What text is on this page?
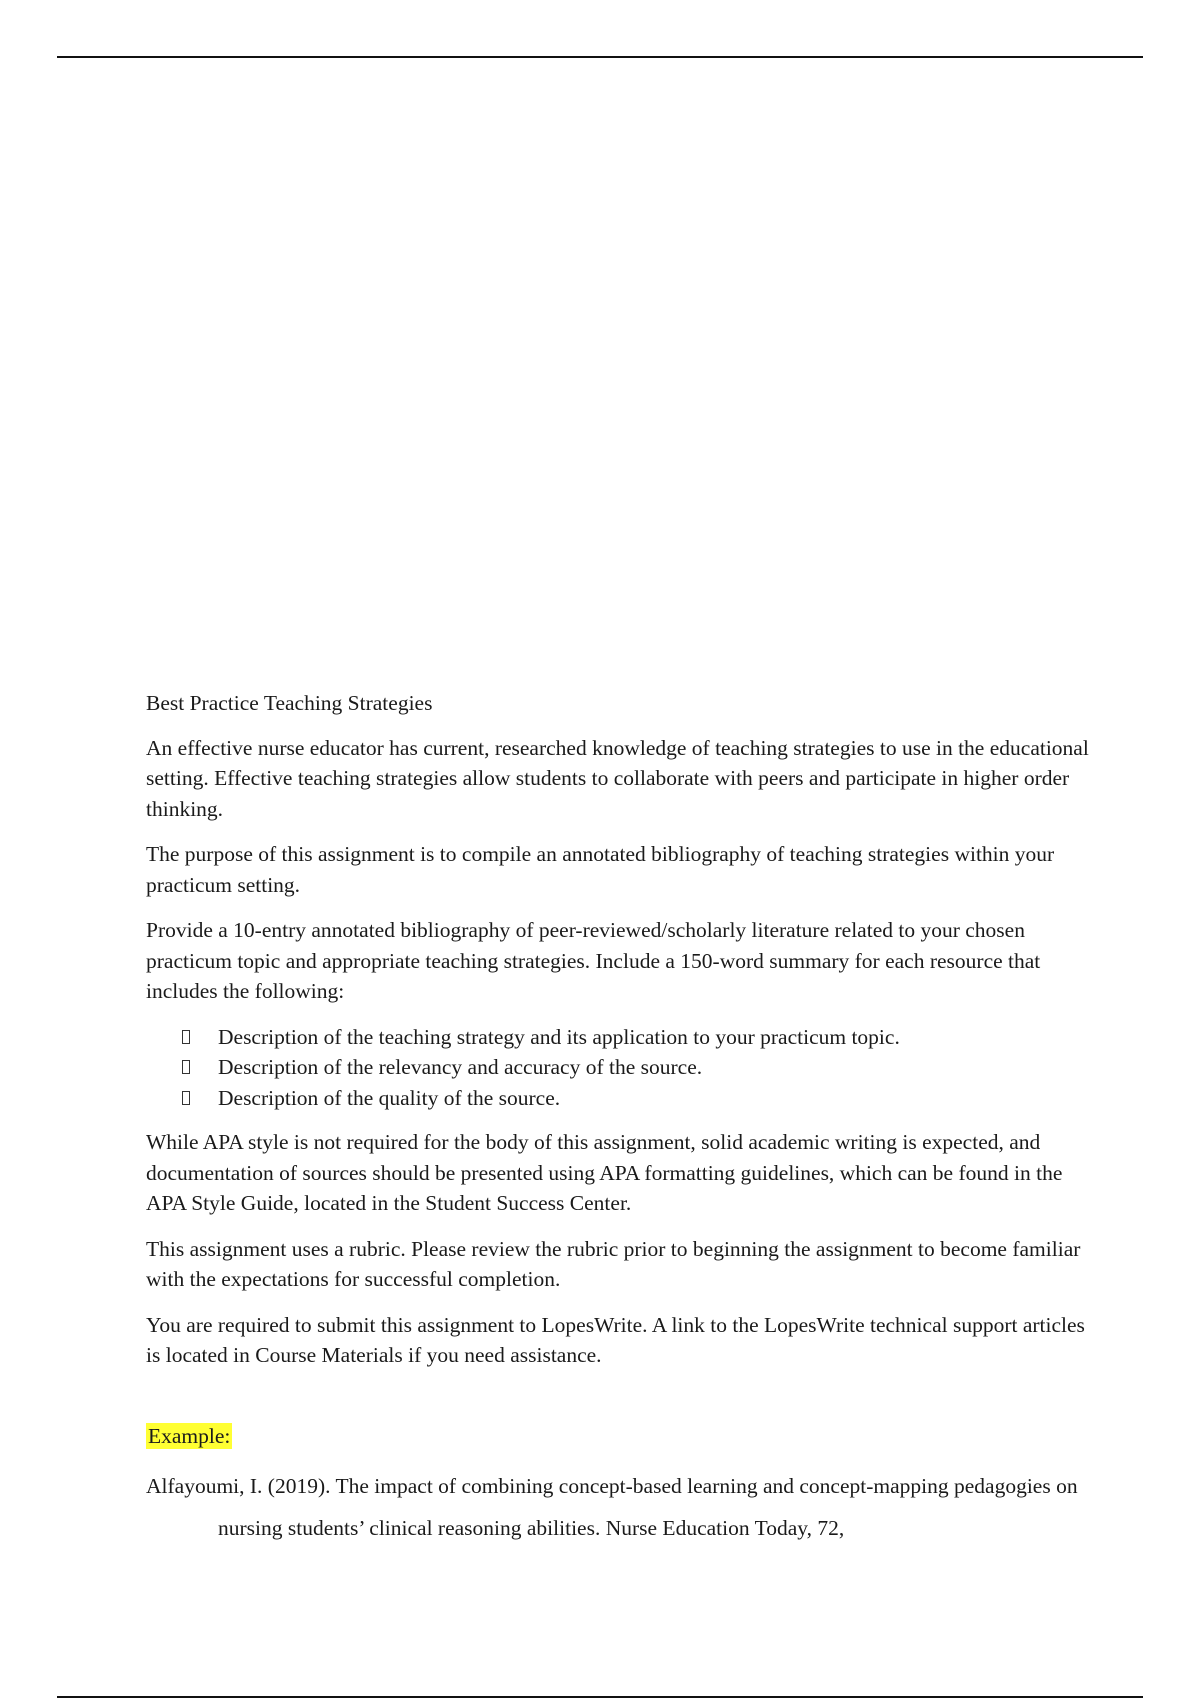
Best Practice Teaching Strategies

An effective nurse educator has current, researched knowledge of teaching strategies to use in the educational setting. Effective teaching strategies allow students to collaborate with peers and participate in higher order thinking.

The purpose of this assignment is to compile an annotated bibliography of teaching strategies within your practicum setting.

Provide a 10-entry annotated bibliography of peer-reviewed/scholarly literature related to your chosen practicum topic and appropriate teaching strategies. Include a 150-word summary for each resource that includes the following:

Description of the teaching strategy and its application to your practicum topic.
Description of the relevancy and accuracy of the source.
Description of the quality of the source.

While APA style is not required for the body of this assignment, solid academic writing is expected, and documentation of sources should be presented using APA formatting guidelines, which can be found in the APA Style Guide, located in the Student Success Center.

This assignment uses a rubric. Please review the rubric prior to beginning the assignment to become familiar with the expectations for successful completion.

You are required to submit this assignment to LopesWrite. A link to the LopesWrite technical support articles is located in Course Materials if you need assistance.

Example:

Alfayoumi, I. (2019). The impact of combining concept-based learning and concept-mapping pedagogies on nursing students’ clinical reasoning abilities. Nurse Education Today, 72,
